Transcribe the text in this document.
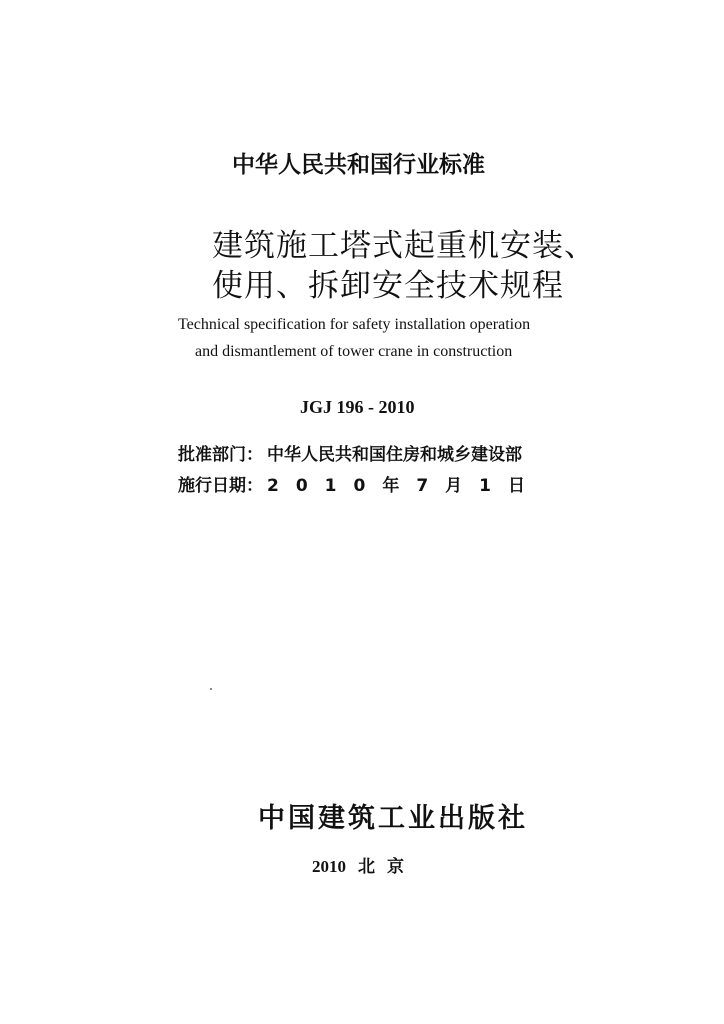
中华人民共和国行业标准
建筑施工塔式起重机安装、
使用、拆卸安全技术规程
Technical specification for safety installation operation
and dismantlement of tower crane in construction
JGJ 196 - 2010
批准部门： 中华人民共和国住房和城乡建设部
施行日期： 2010年7月1日
中国建筑工业出版社
2010 北京
